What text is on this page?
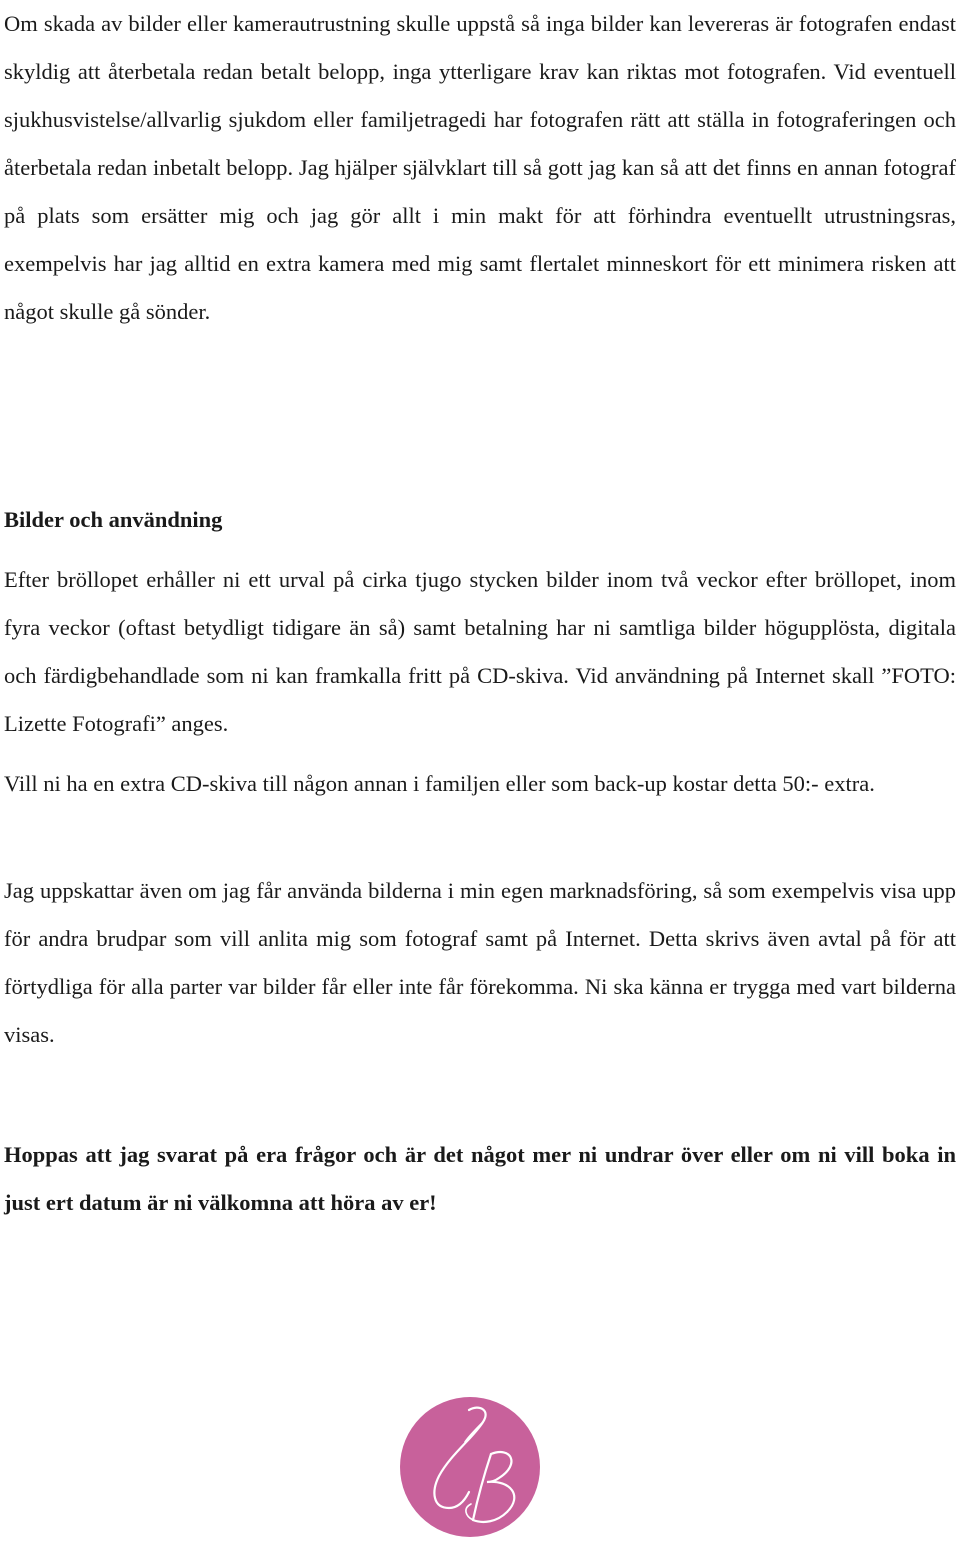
Om skada av bilder eller kamerautrustning skulle uppstå så inga bilder kan levereras är fotografen endast skyldig att återbetala redan betalt belopp, inga ytterligare krav kan riktas mot fotografen. Vid eventuell sjukhusvistelse/allvarlig sjukdom eller familjetragedi har fotografen rätt att ställa in fotograferingen och återbetala redan inbetalt belopp. Jag hjälper självklart till så gott jag kan så att det finns en annan fotograf på plats som ersätter mig och jag gör allt i min makt för att förhindra eventuellt utrustningsras, exempelvis har jag alltid en extra kamera med mig samt flertalet minneskort för ett minimera risken att något skulle gå sönder.

Bilder och användning

Efter bröllopet erhåller ni ett urval på cirka tjugo stycken bilder inom två veckor efter bröllopet, inom fyra veckor (oftast betydligt tidigare än så) samt betalning har ni samtliga bilder högupplösta, digitala och färdigbehandlade som ni kan framkalla fritt på CD-skiva. Vid användning på Internet skall ”FOTO: Lizette Fotografi” anges.

Vill ni ha en extra CD-skiva till någon annan i familjen eller som back-up kostar detta 50:- extra.

Jag uppskattar även om jag får använda bilderna i min egen marknadsföring, så som exempelvis visa upp för andra brudpar som vill anlita mig som fotograf samt på Internet. Detta skrivs även avtal på för att förtydliga för alla parter var bilder får eller inte får förekomma. Ni ska känna er trygga med vart bilderna visas.

Hoppas att jag svarat på era frågor och är det något mer ni undrar över eller om ni vill boka in just ert datum är ni välkomna att höra av er!
